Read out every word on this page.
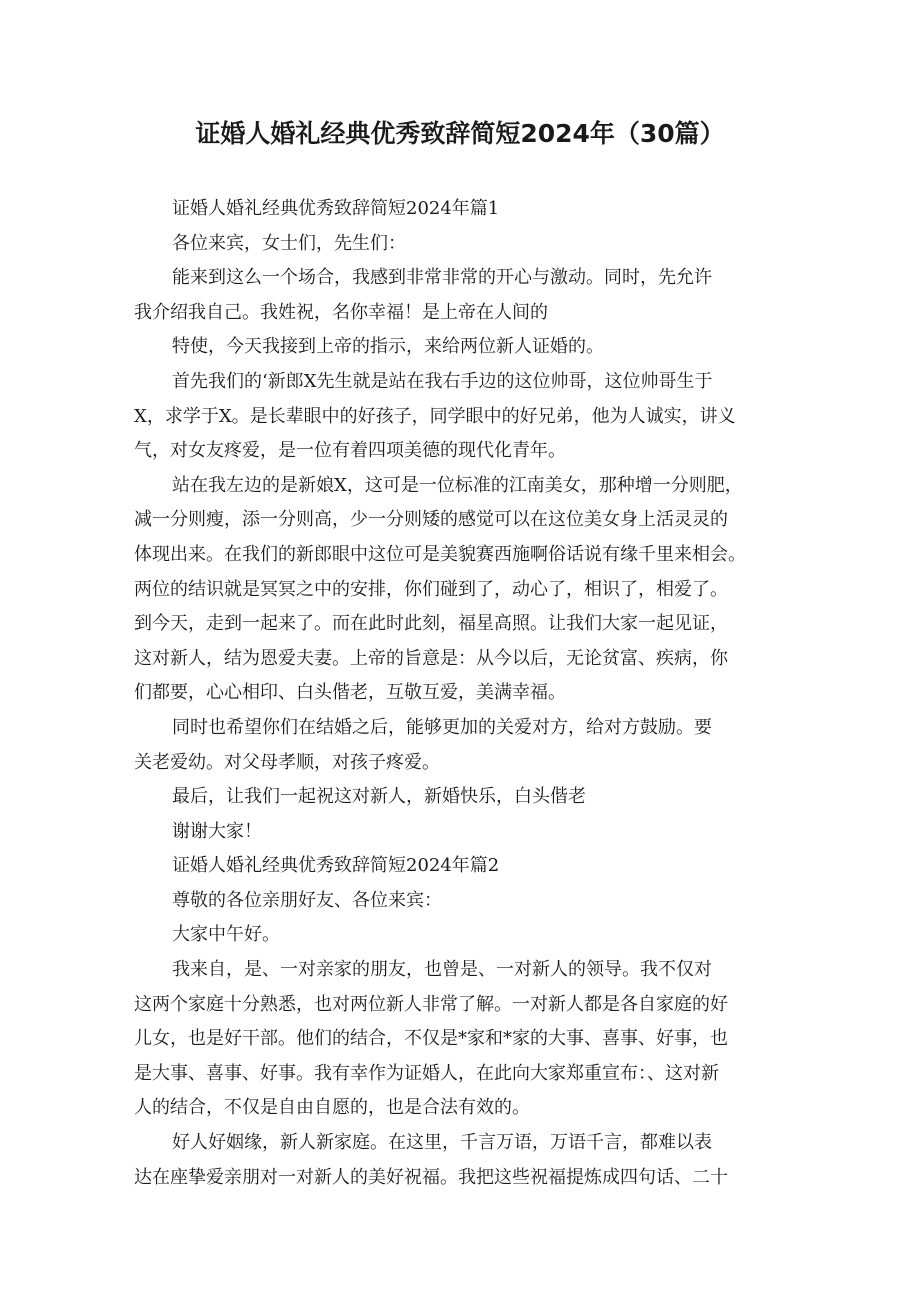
证婚人婚礼经典优秀致辞简短2024年（30篇）
证婚人婚礼经典优秀致辞简短2024年篇1
各位来宾，女士们，先生们：
能来到这么一个场合，我感到非常非常的开心与激动。同时，先允许
我介绍我自己。我姓祝，名你幸福！是上帝在人间的
特使，今天我接到上帝的指示，来给两位新人证婚的。
首先我们的‘新郎X先生就是站在我右手边的这位帅哥，这位帅哥生于
X，求学于X。是长辈眼中的好孩子，同学眼中的好兄弟，他为人诚实，讲义
气，对女友疼爱，是一位有着四项美德的现代化青年。
站在我左边的是新娘X，这可是一位标准的江南美女，那种增一分则肥，
减一分则瘦，添一分则高，少一分则矮的感觉可以在这位美女身上活灵灵的
体现出来。在我们的新郎眼中这位可是美貌赛西施啊俗话说有缘千里来相会。
两位的结识就是冥冥之中的安排，你们碰到了，动心了，相识了，相爱了。
到今天，走到一起来了。而在此时此刻，福星高照。让我们大家一起见证，
这对新人，结为恩爱夫妻。上帝的旨意是：从今以后，无论贫富、疾病，你
们都要，心心相印、白头偕老，互敬互爱，美满幸福。
同时也希望你们在结婚之后，能够更加的关爱对方，给对方鼓励。要
关老爱幼。对父母孝顺，对孩子疼爱。
最后，让我们一起祝这对新人，新婚快乐，白头偕老
谢谢大家！
证婚人婚礼经典优秀致辞简短2024年篇2
尊敬的各位亲朋好友、各位来宾：
大家中午好。
我来自，是、一对亲家的朋友，也曾是、一对新人的领导。我不仅对
这两个家庭十分熟悉，也对两位新人非常了解。一对新人都是各自家庭的好
儿女，也是好干部。他们的结合，不仅是*家和*家的大事、喜事、好事，也
是大事、喜事、好事。我有幸作为证婚人，在此向大家郑重宣布：、这对新
人的结合，不仅是自由自愿的，也是合法有效的。
好人好姻缘，新人新家庭。在这里，千言万语，万语千言，都难以表
达在座挚爱亲朋对一对新人的美好祝福。我把这些祝福提炼成四句话、二十
